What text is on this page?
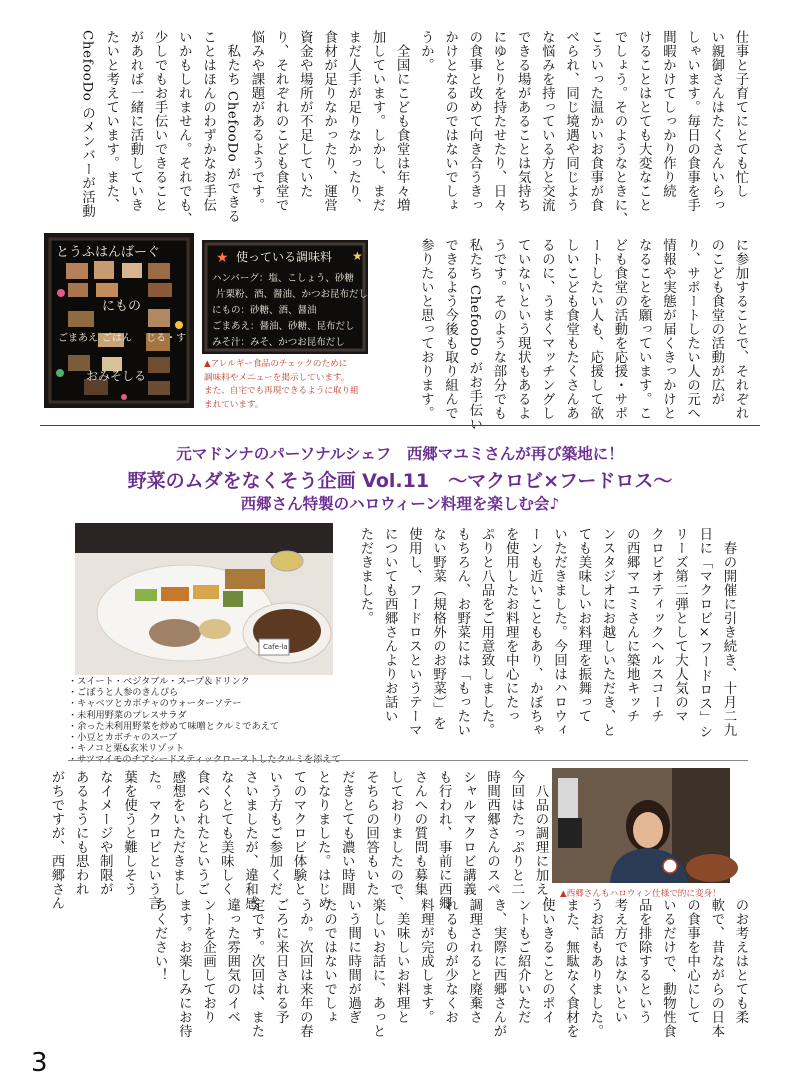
仕事と子育てにとても忙し
い親御さんはたくさんいらっ
しゃいます。毎日の食事を手
間暇かけてしっかり作り続
けることはとても大変なこと
でしょう。そのようなときに、
こういった温かいお食事が食
べられ、同じ境遇や同じよう
な悩みを持っている方と交流
できる場があることは気持ち
にゆとりを持たせたり、日々
の食事と改めて向き合うきっ
かけとなるのではないでしょ
うか。
　全国にこども食堂は年々増
加しています。しかし、まだ
まだ人手が足りなかったり、
食材が足りなかったり、運営
資金や場所が不足していた
り、それぞれのこども食堂で
悩みや課題があるようです。
　私たち ChefooDo ができる
ことはほんのわずかなお手伝
いかもしれません。それでも、
少しでもお手伝いできること
があれば一緒に活動していき
たいと考えています。また、
ChefooDo のメンバーが活動
に参加することで、それぞれ
のこども食堂の活動が広が
り、サポートしたい人の元へ
情報や実態が届くきっかけと
なることを願っています。こ
ども食堂の活動を応援・サポ
ートしたい人も、応援して欲
しいこども食堂もたくさんあ
るのに、うまくマッチングし
ていないという現状もあるよ
うです。そのような部分でも
私たち ChefooDo がお手伝い
できるよう今後も取り組んで
参りたいと思っております。
とうふはんばーぐ
にもの
ごまあえ ごはん じる・す
おみそしる
★	★
使っている調味料
ハンバーグ：塩、こしょう、砂糖
片栗粉、酒、醤油、かつお昆布だし
にもの：砂糖、酒、醤油
ごまあえ：醤油、砂糖、昆布だし
みそ汁：みそ、かつお昆布だし
▲アレルギー食品のチェックのために
調味料やメニューを掲示しています。
また、自宅でも再現できるように取り組
まれています。
元マドンナのパーソナルシェフ　西郷マユミさんが再び築地に！
野菜のムダをなくそう企画 Vol.11　～マクロビ×フードロス～
西郷さん特製のハロウィーン料理を楽しむ会♪
Cafe-la
・スイート・ベジタブル・スープ＆ドリンク
・ごぼうと人参のきんぴら
・キャベツとカボチャのウォーターソテー
・未利用野菜のプレスサラダ
・余った未利用野菜を炒めて味噌とクルミであえて
・小豆とカボチャのスープ
・キノコと栗&玄米リゾット
・サツマイモのチアシードスティックローストしたクルミを添えて
　春の開催に引き続き、十月二九
日に「マクロビ×フードロス」シ
リーズ第二弾として大人気のマ
クロビオティックヘルスコーチ
の西郷マユミさんに築地キッチ
ンスタジオにお越しいただき、と
ても美味しいお料理を振舞って
いただきました。今回はハロウィ
ーンも近いこともあり、かぼちゃ
を使用したお料理を中心にたっ
ぷりと八品をご用意致しました。
もちろん、お野菜には「もったい
ない野菜（規格外のお野菜）」を
使用し、フードロスというテーマ
についても西郷さんよりお話い
ただきました。
　八品の調理に加え、
今回はたっぷりと二
時間西郷さんのスペ
シャルマクロビ講義
も行われ、事前に西郷
さんへの質問も募集
しておりましたので、
そちらの回答もいた
だきとても濃い時間
となりました。はじめ
てのマクロビ体験と
いう方もご参加くだ
さいましたが、違和感
なくとても美味しく
食べられたというご
感想をいただきまし
た。マクロビという言
葉を使うと難しそう
なイメージや制限が
あるようにも思われ
がちですが、西郷さん	▲西郷さんもハロウィン仕様で的に変身！
のお考えはとても柔
軟で、昔ながらの日本
の食事を中心にして
いるだけで、動物性食
品を排除するという
考え方ではないとい
うお話もありました。
また、無駄なく食材を
使いきることのポイ
ントもご紹介いただ
き、実際に西郷さんが
調理されると廃棄さ
れるものが少なくお
料理が完成します。
　美味しいお料理と
楽しいお話に、あっと
いう間に時間が過ぎ
たのではないでしょ
うか。次回は来年の春
ごろに来日される予
定です。次回は、また
違った雰囲気のイベ
ントを企画しており
ます。お楽しみにお待
ちください！
3
